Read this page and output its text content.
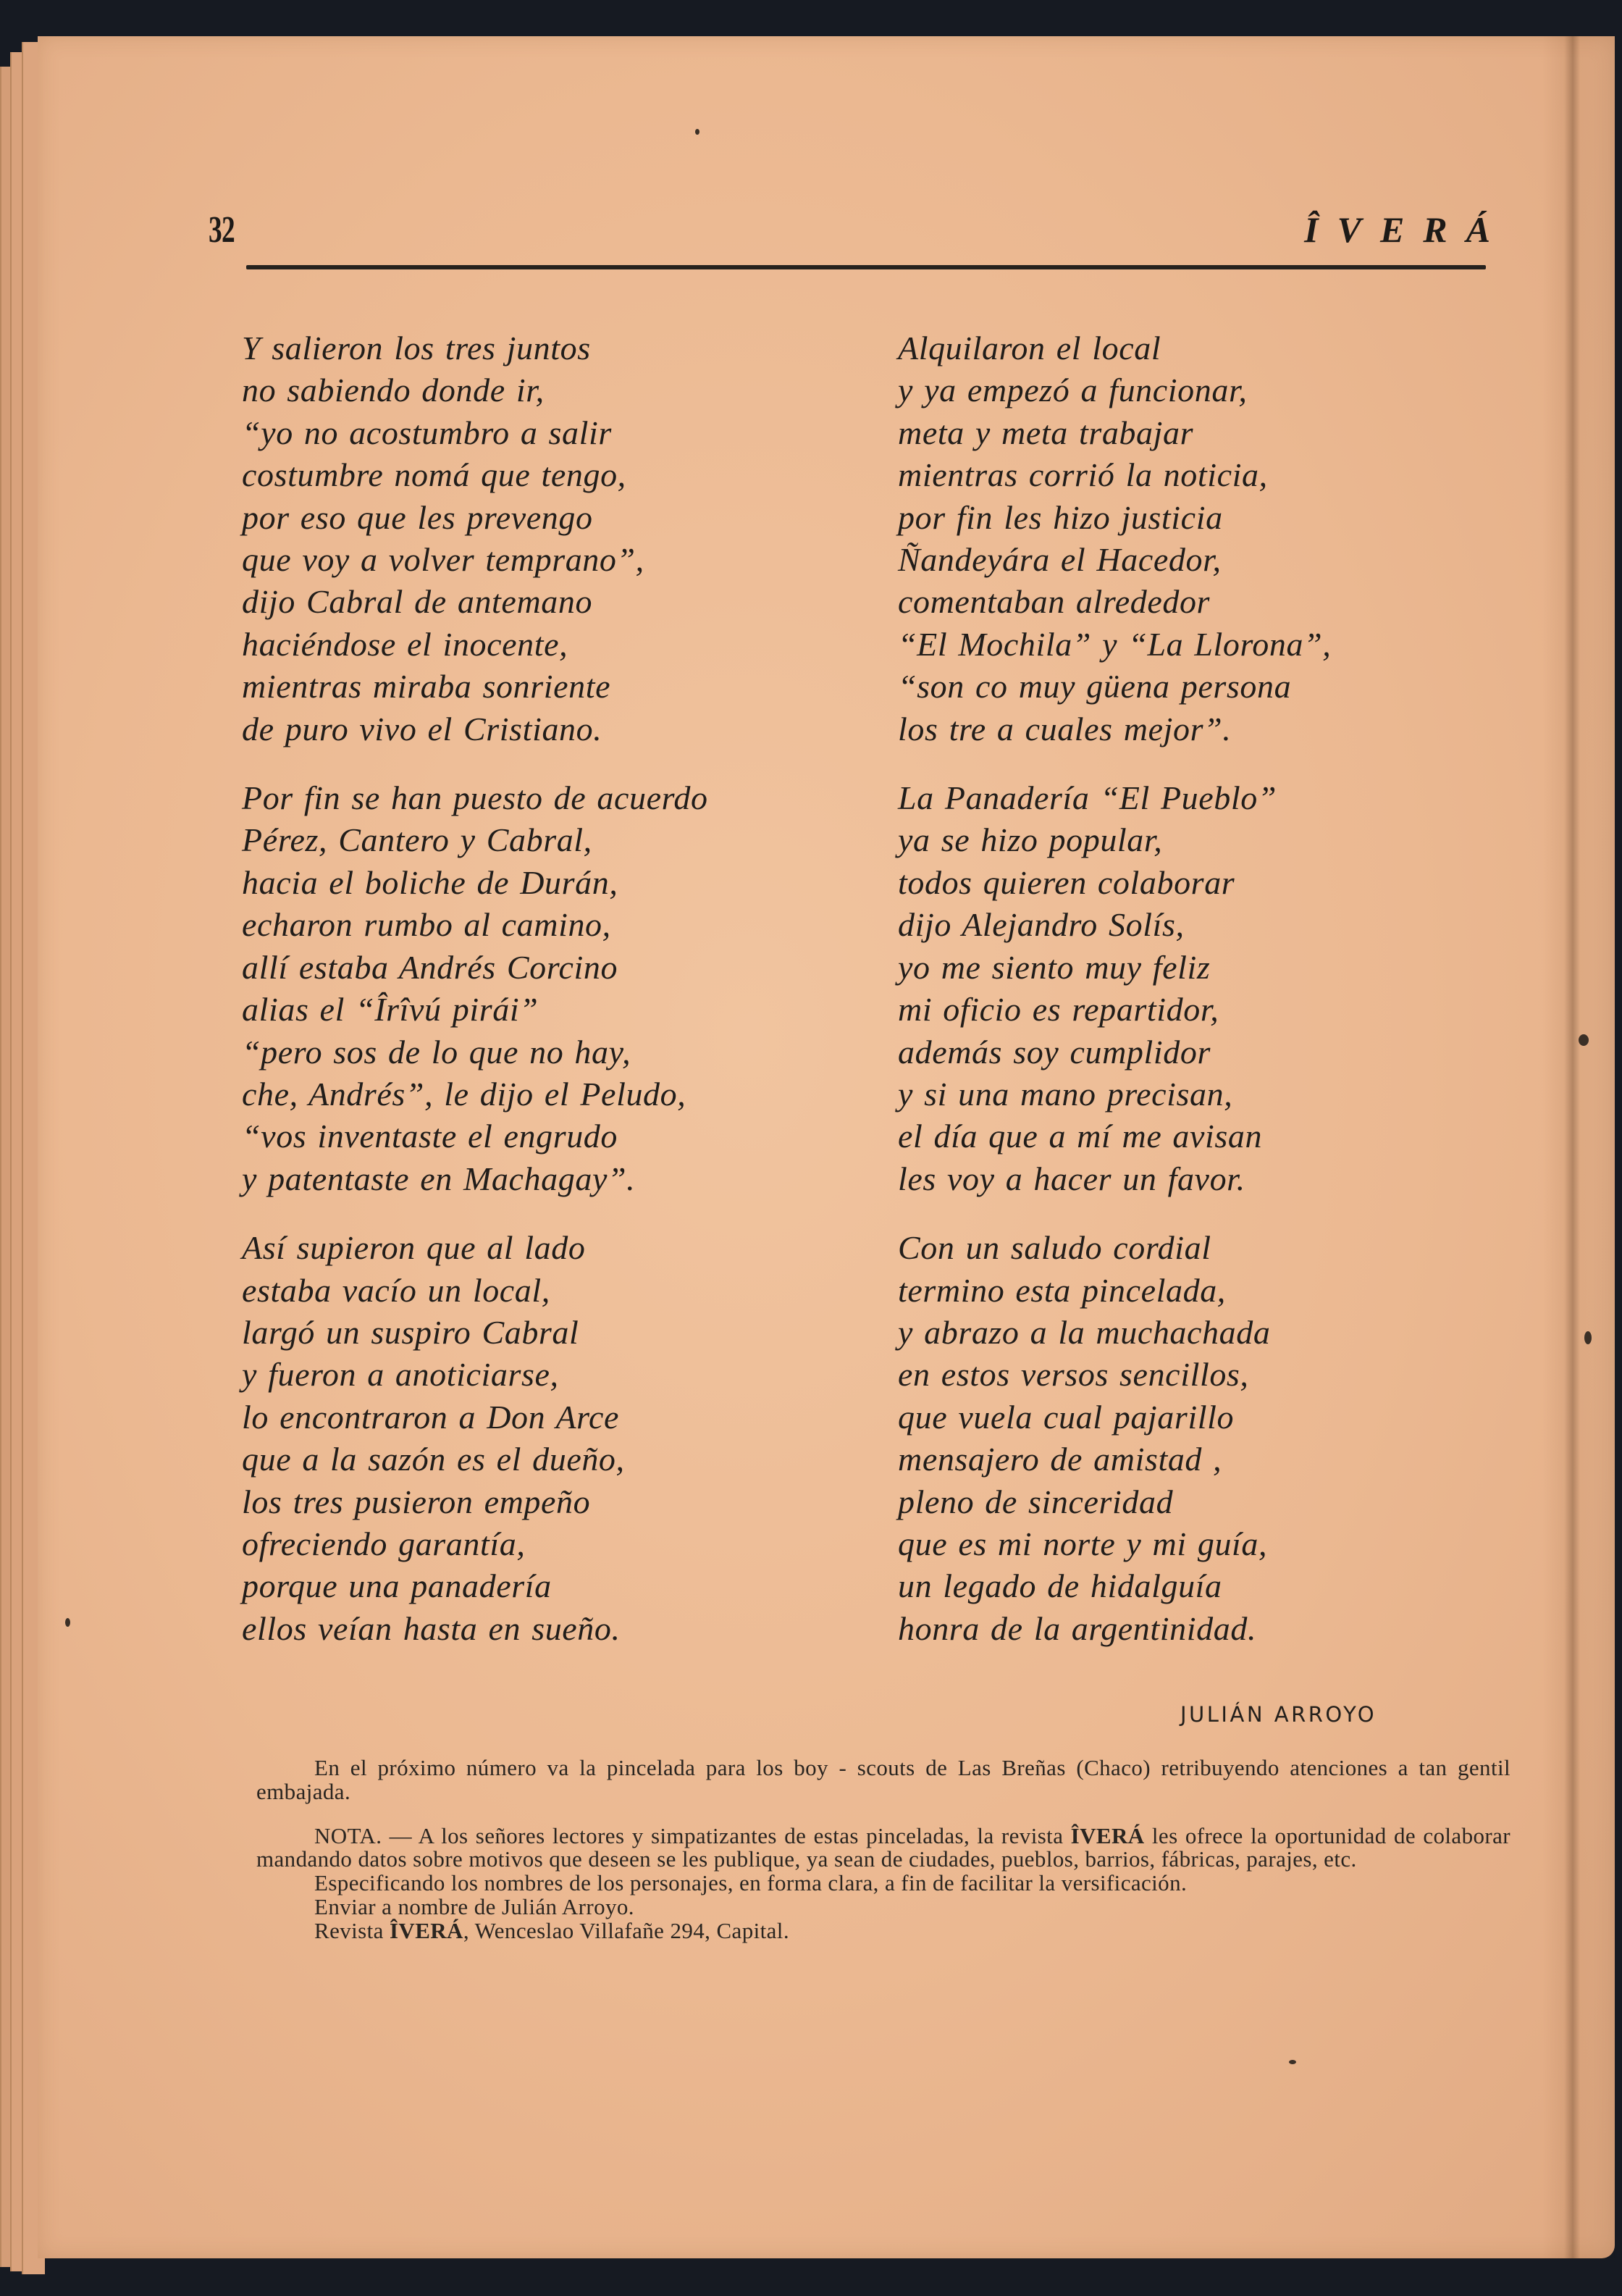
32	ÎVERÁ
Y salieron los tres juntos
no sabiendo donde ir,
“yo no acostumbro a salir
costumbre nomá que tengo,
por eso que les prevengo
que voy a volver temprano”,
dijo Cabral de antemano
haciéndose el inocente,
mientras miraba sonriente
de puro vivo el Cristiano.
Por fin se han puesto de acuerdo
Pérez, Cantero y Cabral,
hacia el boliche de Durán,
echaron rumbo al camino,
allí estaba Andrés Corcino
alias el “Îrîvú pirái”
“pero sos de lo que no hay,
che, Andrés”, le dijo el Peludo,
“vos inventaste el engrudo
y patentaste en Machagay”.
Así supieron que al lado
estaba vacío un local,
largó un suspiro Cabral
y fueron a anoticiarse,
lo encontraron a Don Arce
que a la sazón es el dueño,
los tres pusieron empeño
ofreciendo garantía,
porque una panadería
ellos veían hasta en sueño.
Alquilaron el local
y ya empezó a funcionar,
meta y meta trabajar
mientras corrió la noticia,
por fin les hizo justicia
Ñandeyára el Hacedor,
comentaban alrededor
“El Mochila” y “La Llorona”,
“son co muy güena persona
los tre a cuales mejor”.
La Panadería “El Pueblo”
ya se hizo popular,
todos quieren colaborar
dijo Alejandro Solís,
yo me siento muy feliz
mi oficio es repartidor,
además soy cumplidor
y si una mano precisan,
el día que a mí me avisan
les voy a hacer un favor.
Con un saludo cordial
termino esta pincelada,
y abrazo a la muchachada
en estos versos sencillos,
que vuela cual pajarillo
mensajero de amistad ,
pleno de sinceridad
que es mi norte y mi guía,
un legado de hidalguía
honra de la argentinidad.
JULIÁN ARROYO

En el próximo número va la pincelada para los boy - scouts de Las Breñas (Chaco) retribuyendo atenciones a tan gentil embajada.

NOTA. — A los señores lectores y simpatizantes de estas pinceladas, la revista ÎVERÁ les ofrece la oportunidad de colaborar mandando datos sobre motivos que deseen se les publique, ya sean de ciudades, pueblos, barrios, fábricas, parajes, etc.

Especificando los nombres de los personajes, en forma clara, a fin de facilitar la versificación.

Enviar a nombre de Julián Arroyo.

Revista ÎVERÁ, Wenceslao Villafañe 294, Capital.
